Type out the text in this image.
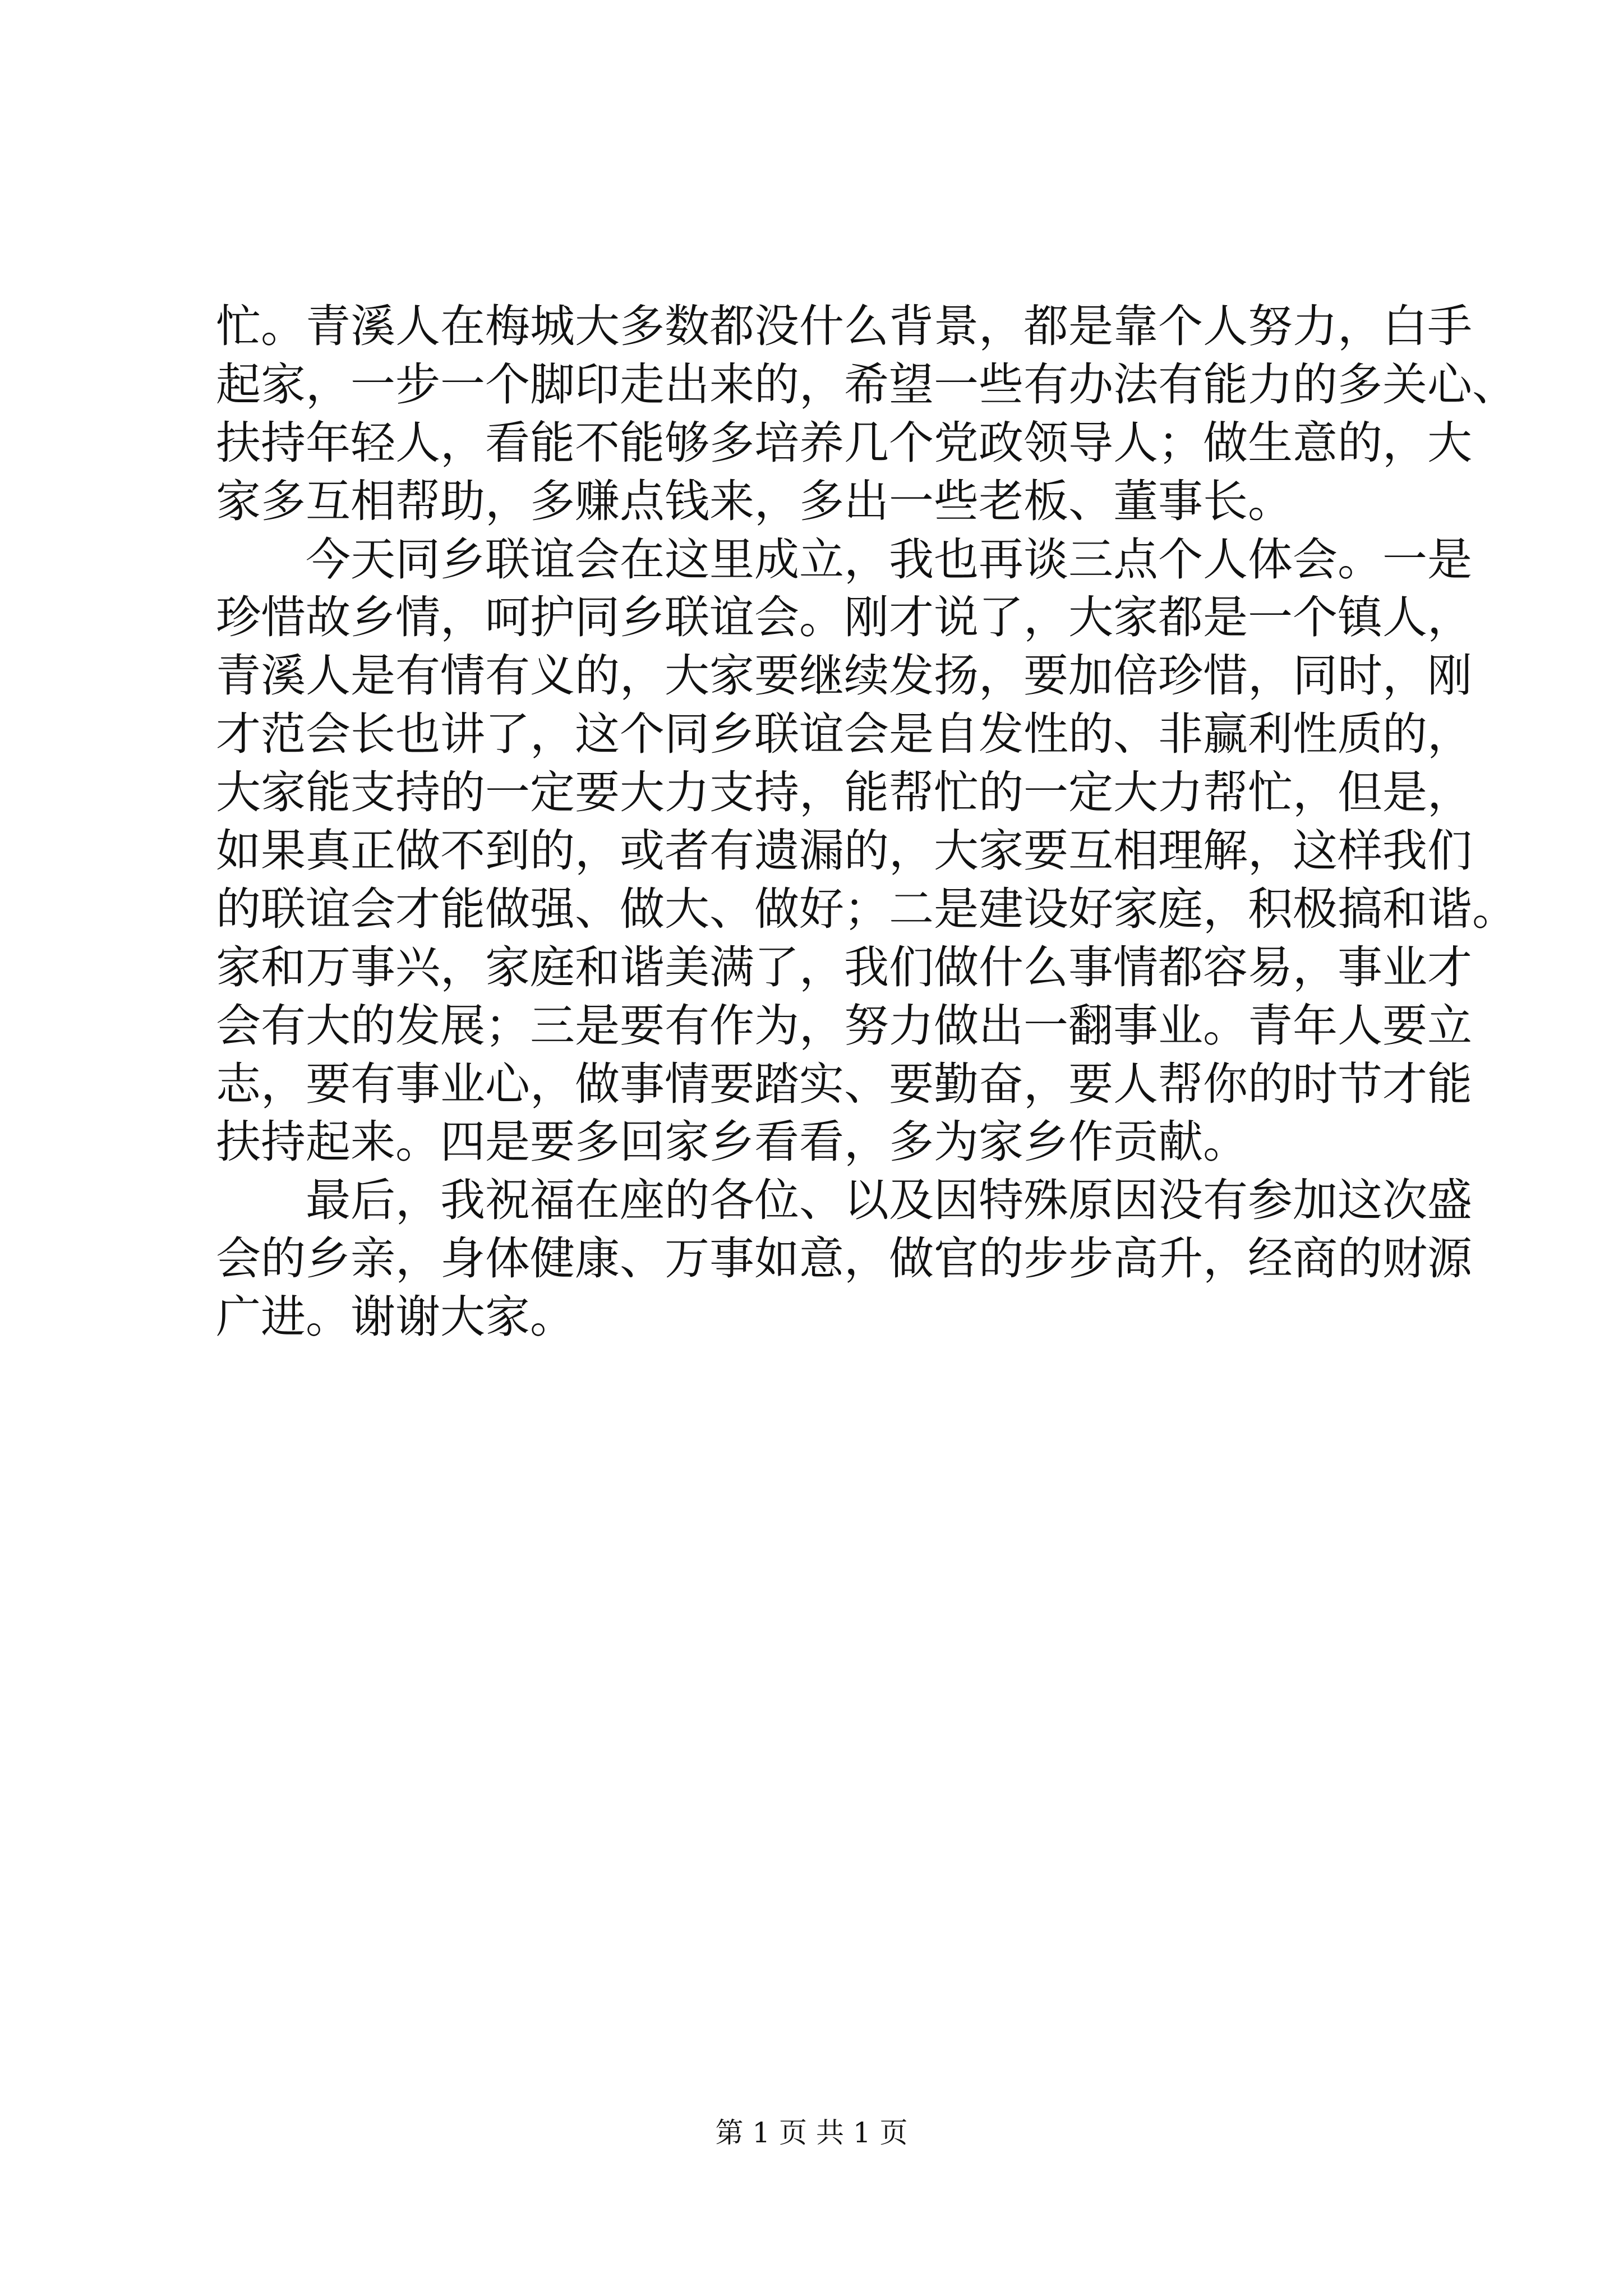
忙。青溪人在梅城大多数都没什么背景，都是靠个人努力，白手
起家，一步一个脚印走出来的，希望一些有办法有能力的多关心、
扶持年轻人，看能不能够多培养几个党政领导人；做生意的，大
家多互相帮助，多赚点钱来，多出一些老板、董事长。
今天同乡联谊会在这里成立，我也再谈三点个人体会。一是
珍惜故乡情，呵护同乡联谊会。刚才说了，大家都是一个镇人，
青溪人是有情有义的，大家要继续发扬，要加倍珍惜，同时，刚
才范会长也讲了，这个同乡联谊会是自发性的、非赢利性质的，
大家能支持的一定要大力支持，能帮忙的一定大力帮忙，但是，
如果真正做不到的，或者有遗漏的，大家要互相理解，这样我们
的联谊会才能做强、做大、做好；二是建设好家庭，积极搞和谐。
家和万事兴，家庭和谐美满了，我们做什么事情都容易，事业才
会有大的发展；三是要有作为，努力做出一翻事业。青年人要立
志，要有事业心，做事情要踏实、要勤奋，要人帮你的时节才能
扶持起来。四是要多回家乡看看，多为家乡作贡献。
最后，我祝福在座的各位、以及因特殊原因没有参加这次盛
会的乡亲，身体健康、万事如意，做官的步步高升，经商的财源
广进。谢谢大家。
第 1 页 共 1 页
